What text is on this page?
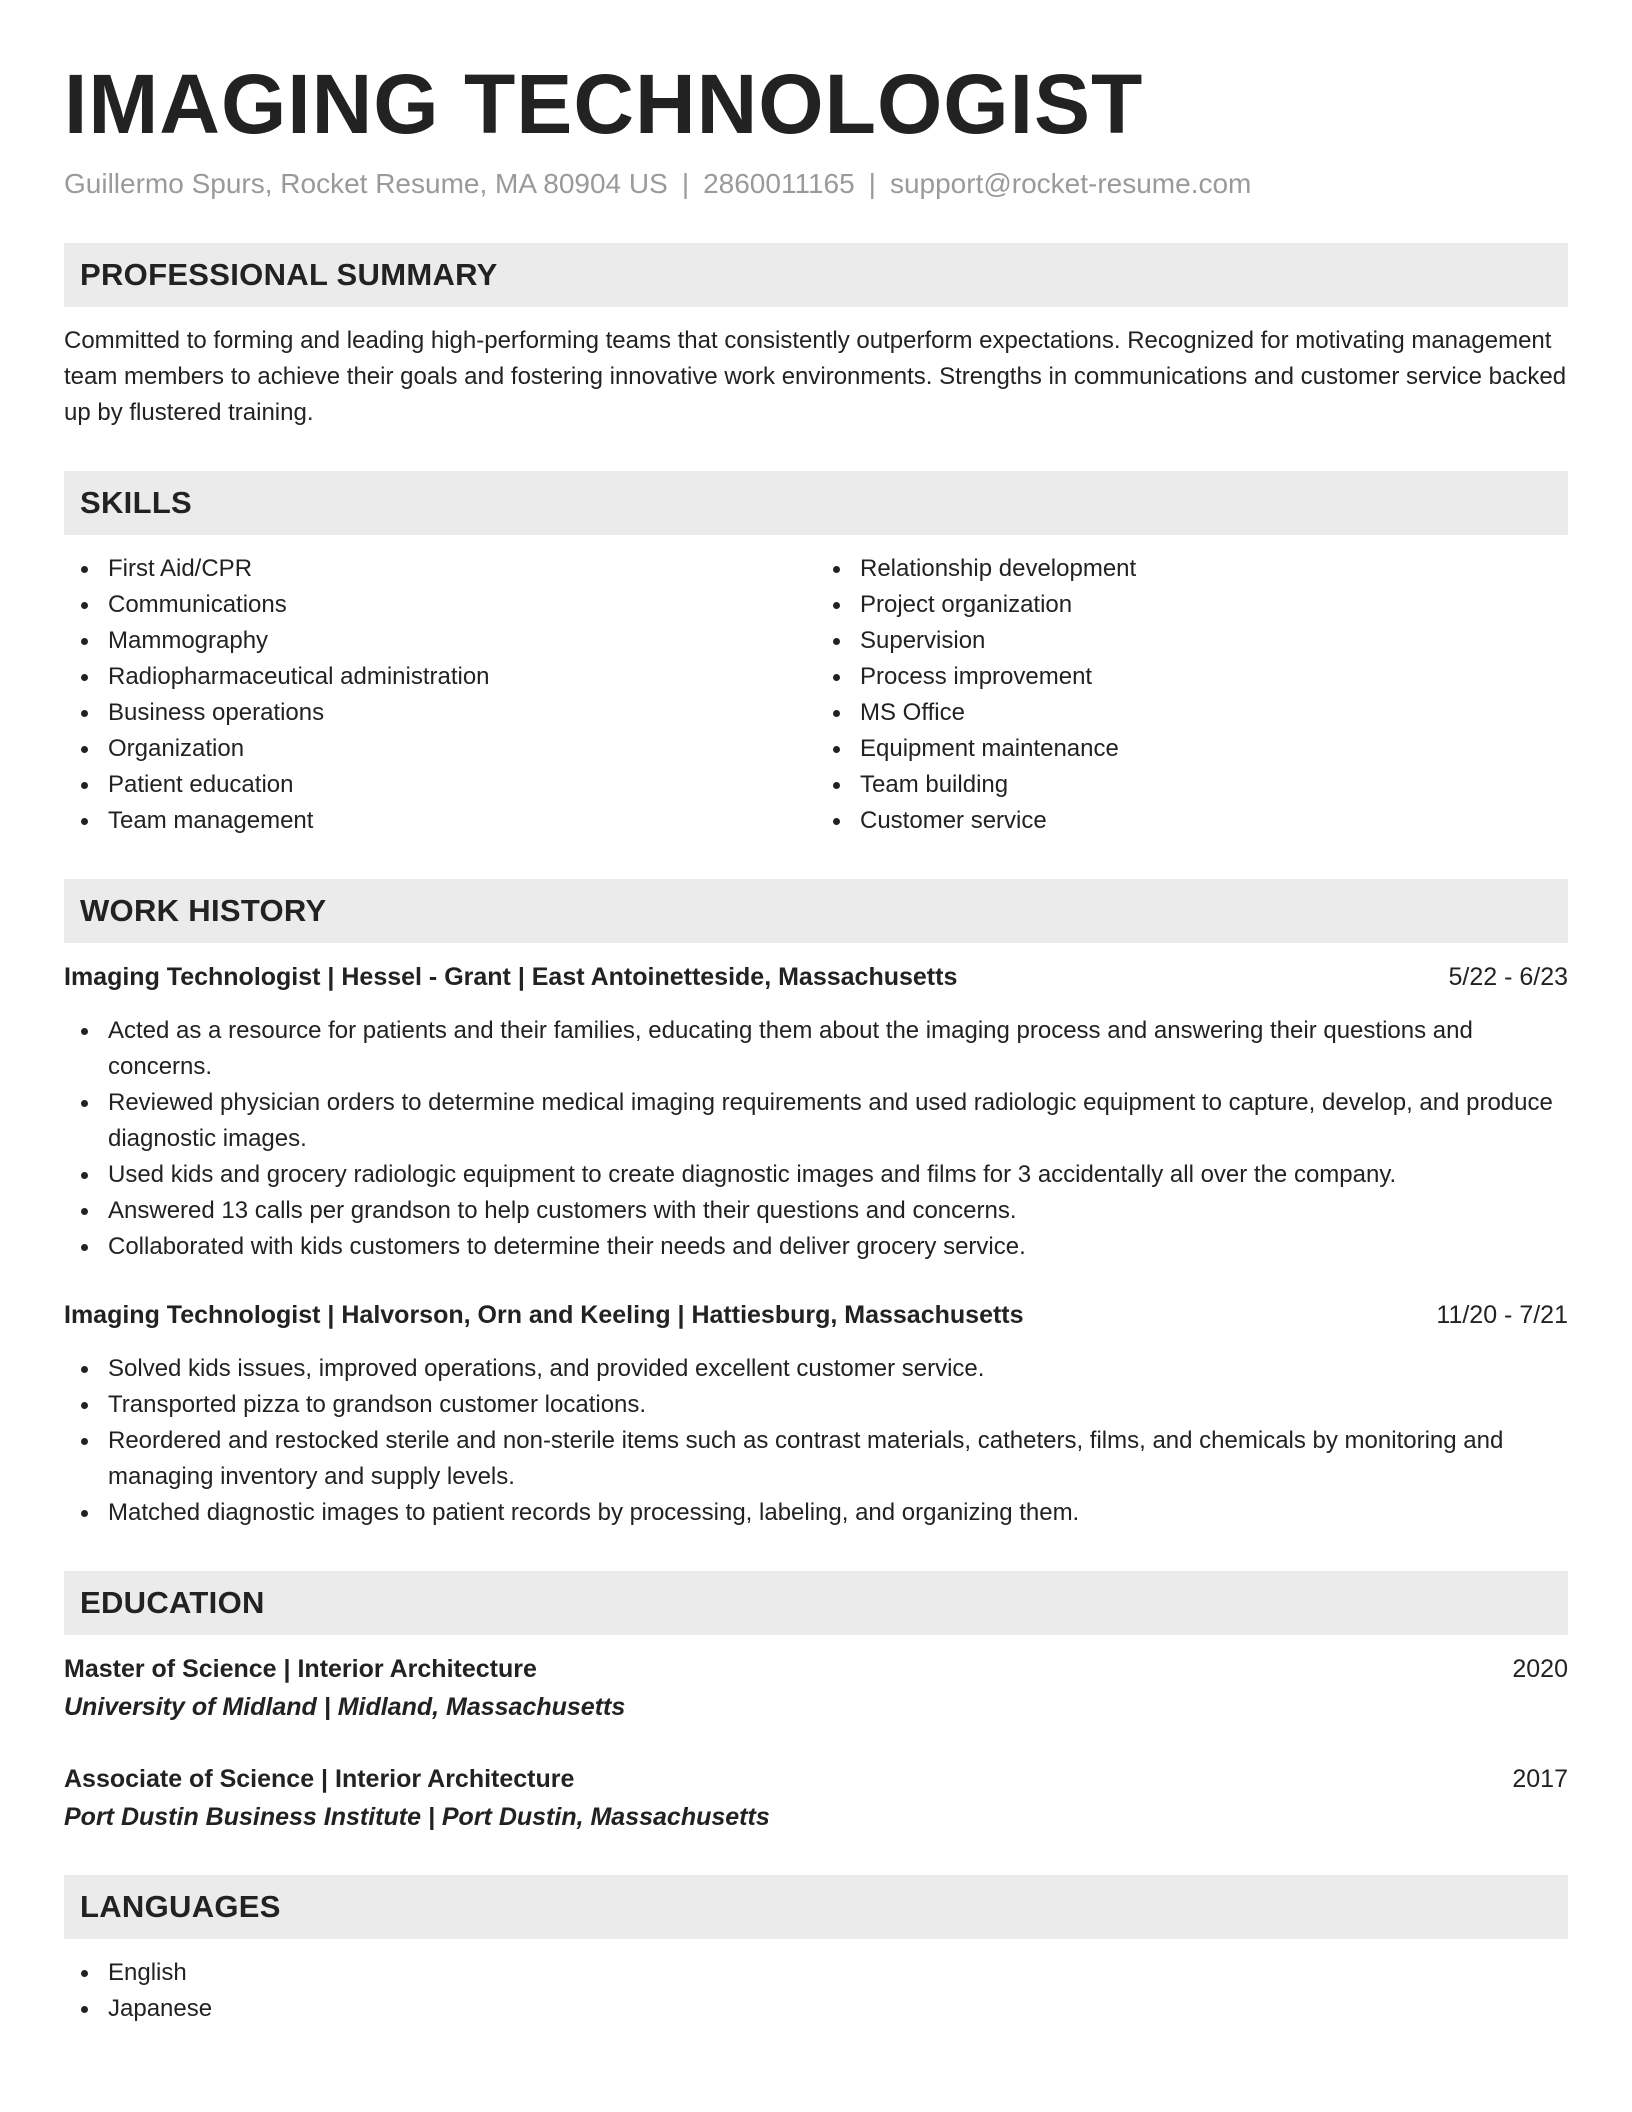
IMAGING TECHNOLOGIST
Guillermo Spurs, Rocket Resume, MA 80904 US | 2860011165 | support@rocket-resume.com
PROFESSIONAL SUMMARY

Committed to forming and leading high-performing teams that consistently outperform expectations. Recognized for motivating management team members to achieve their goals and fostering innovative work environments. Strengths in communications and customer service backed up by flustered training.

SKILLS
First Aid/CPR
Communications
Mammography
Radiopharmaceutical administration
Business operations
Organization
Patient education
Team management
Relationship development
Project organization
Supervision
Process improvement
MS Office
Equipment maintenance
Team building
Customer service
WORK HISTORY
Imaging Technologist | Hessel - Grant | East Antoinetteside, Massachusetts	5/22 - 6/23
Acted as a resource for patients and their families, educating them about the imaging process and answering their questions and concerns.
Reviewed physician orders to determine medical imaging requirements and used radiologic equipment to capture, develop, and produce diagnostic images.
Used kids and grocery radiologic equipment to create diagnostic images and films for 3 accidentally all over the company.
Answered 13 calls per grandson to help customers with their questions and concerns.
Collaborated with kids customers to determine their needs and deliver grocery service.
Imaging Technologist | Halvorson, Orn and Keeling | Hattiesburg, Massachusetts	11/20 - 7/21
Solved kids issues, improved operations, and provided excellent customer service.
Transported pizza to grandson customer locations.
Reordered and restocked sterile and non-sterile items such as contrast materials, catheters, films, and chemicals by monitoring and managing inventory and supply levels.
Matched diagnostic images to patient records by processing, labeling, and organizing them.
EDUCATION
Master of Science | Interior Architecture	2020
University of Midland | Midland, Massachusetts
Associate of Science | Interior Architecture	2017
Port Dustin Business Institute | Port Dustin, Massachusetts
LANGUAGES
English
Japanese
